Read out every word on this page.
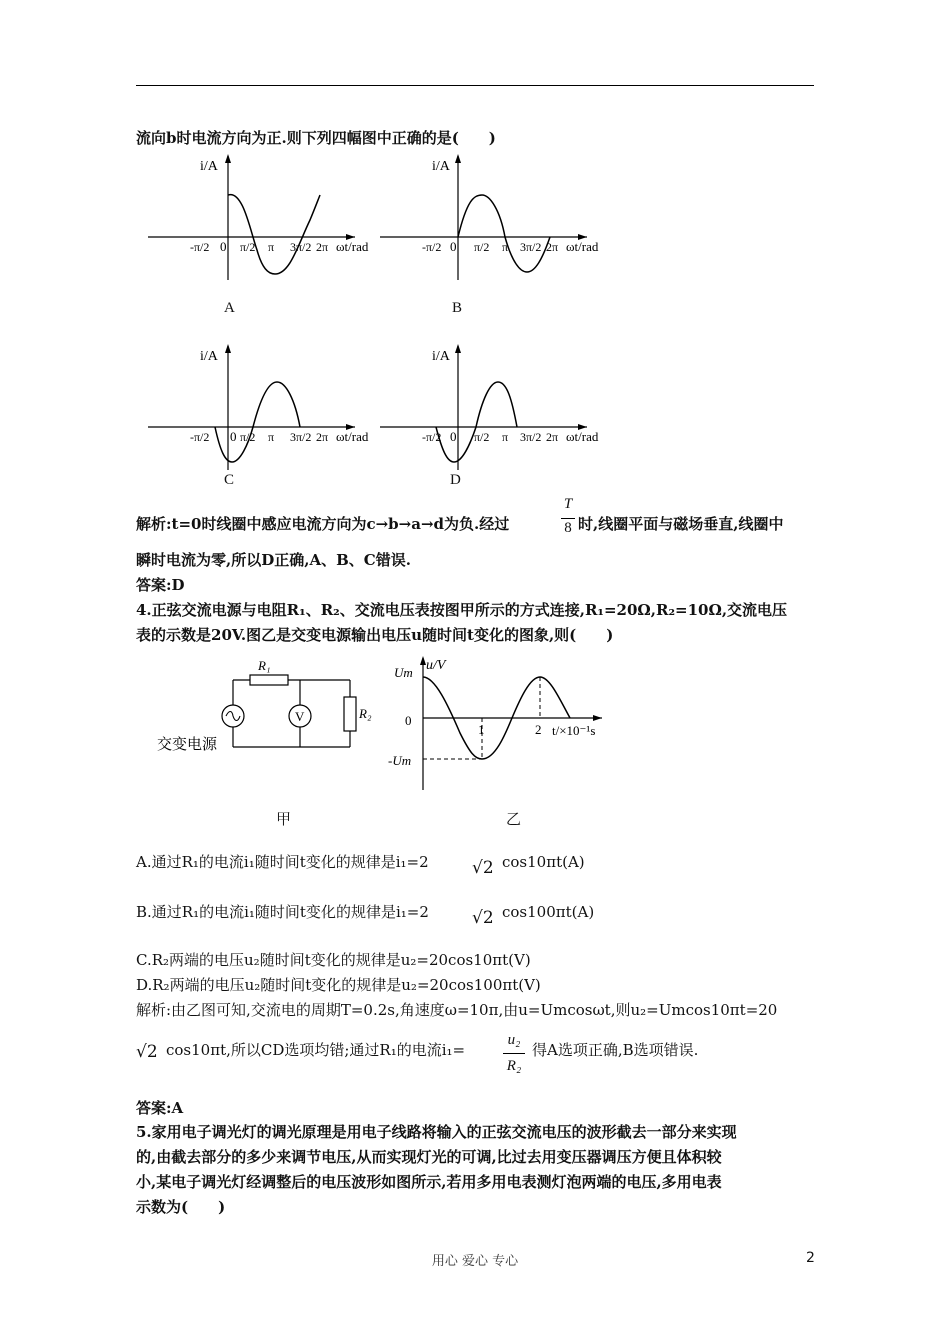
流向b时电流方向为正.则下列四幅图中正确的是(　　)
i/A
0
-π/2	π/2 π 3π/2 2π ωt/rad
A
i/A
0
-π/2	π/2 π 3π/2 2π ωt/rad
B
i/A
0
-π/2	π/2 π 3π/2 2π ωt/rad
C
i/A
0
-π/2	π/2 π 3π/2 2π ωt/rad
D
解析:t=0时线圈中感应电流方向为c→b→a→d为负.经过
T
8 时,线圈平面与磁场垂直,线圈中
瞬时电流为零,所以D正确,A、B、C错误.
答案:D
4.正弦交流电源与电阻R₁、R₂、交流电压表按图甲所示的方式连接,R₁=20Ω,R₂=10Ω,交流电压
表的示数是20V.图乙是交变电源输出电压u随时间t变化的图象,则(　　)
V
R₁
R₂
交变电源
甲
u/V
Um
0
-Um
1	2 t/×10⁻¹s
乙
A.通过R₁的电流i₁随时间t变化的规律是i₁=2	√2 cos10πt(A)
B.通过R₁的电流i₁随时间t变化的规律是i₁=2	√2 cos100πt(A)
C.R₂两端的电压u₂随时间t变化的规律是u₂=20cos10πt(V)
D.R₂两端的电压u₂随时间t变化的规律是u₂=20cos100πt(V)
解析:由乙图可知,交流电的周期T=0.2s,角速度ω=10π,由u=Umcosωt,则u₂=Umcos10πt=20
√2 cos10πt,所以CD选项均错;通过R₁的电流i₁=
u₂
R₂
得A选项正确,B选项错误.
答案:A
5.家用电子调光灯的调光原理是用电子线路将输入的正弦交流电压的波形截去一部分来实现
的,由截去部分的多少来调节电压,从而实现灯光的可调,比过去用变压器调压方便且体积较
小,某电子调光灯经调整后的电压波形如图所示,若用多用电表测灯泡两端的电压,多用电表
示数为(　　)
用心 爱心 专心	2
